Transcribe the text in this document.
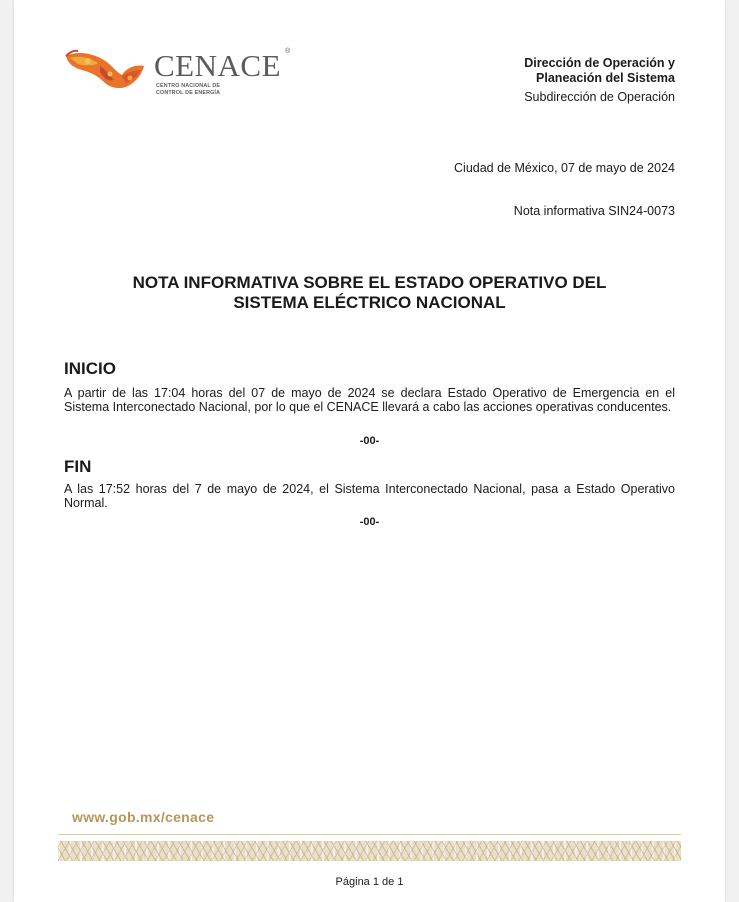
CENACE ®
CENTRO NACIONAL DE
CONTROL DE ENERGÍA
Dirección de Operación y
Planeación del Sistema
Subdirección de Operación
Ciudad de México, 07 de mayo de 2024
Nota informativa SIN24-0073
NOTA INFORMATIVA SOBRE EL ESTADO OPERATIVO DEL
SISTEMA ELÉCTRICO NACIONAL
INICIO
A partir de las 17:04 horas del 07 de mayo de 2024 se declara Estado Operativo de Emergencia en el Sistema Interconectado Nacional, por lo que el CENACE llevará a cabo las acciones operativas conducentes.
-00-
FIN
A las 17:52 horas del 7 de mayo de 2024, el Sistema Interconectado Nacional, pasa a Estado Operativo Normal.
-00-
www.gob.mx/cenace
Página 1 de 1
